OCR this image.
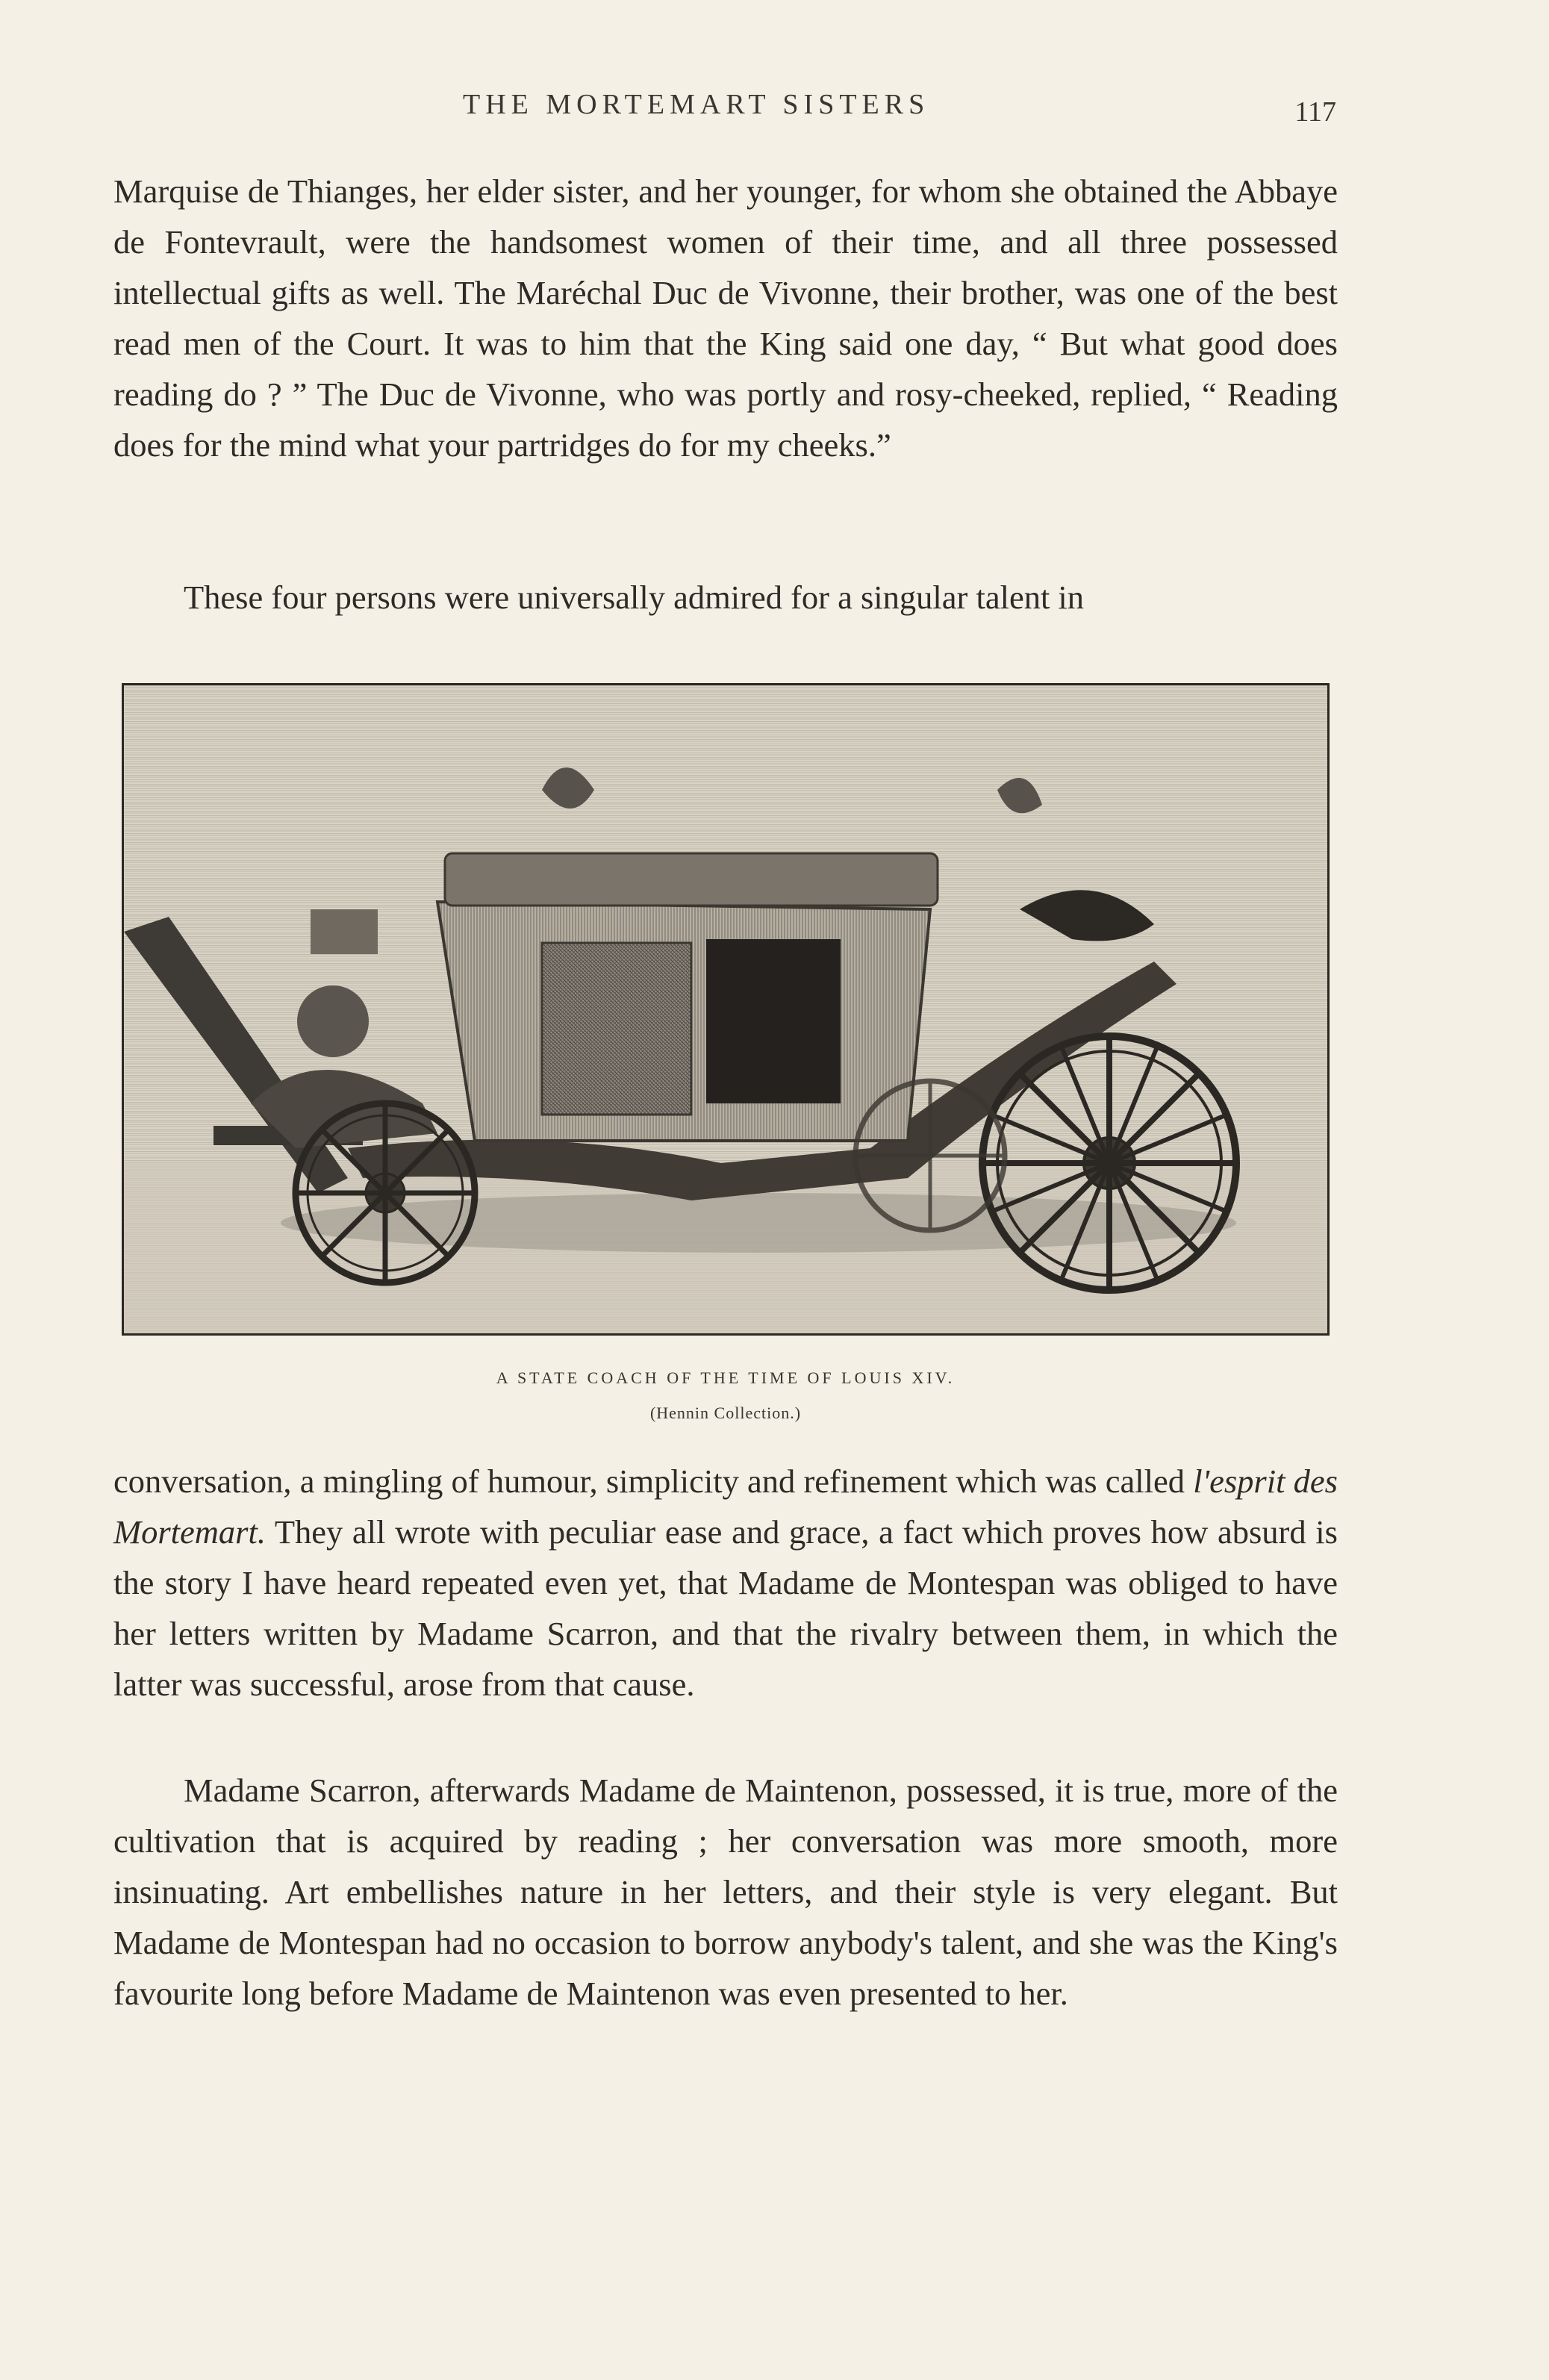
THE MORTEMART SISTERS	117

Marquise de Thianges, her elder sister, and her younger, for whom she obtained the Abbaye de Fontevrault, were the handsomest women of their time, and all three possessed intellectual gifts as well. The Maréchal Duc de Vivonne, their brother, was one of the best read men of the Court. It was to him that the King said one day, “ But what good does reading do ? ” The Duc de Vivonne, who was portly and rosy-cheeked, replied, “ Reading does for the mind what your partridges do for my cheeks.”

These four persons were universally admired for a singular talent in

A STATE COACH OF THE TIME OF LOUIS XIV.
(Hennin Collection.)

conversation, a mingling of humour, simplicity and refinement which was called l'esprit des Mortemart. They all wrote with peculiar ease and grace, a fact which proves how absurd is the story I have heard repeated even yet, that Madame de Montespan was obliged to have her letters written by Madame Scarron, and that the rivalry between them, in which the latter was successful, arose from that cause.

Madame Scarron, afterwards Madame de Maintenon, possessed, it is true, more of the cultivation that is acquired by reading ; her conversation was more smooth, more insinuating. Art embellishes nature in her letters, and their style is very elegant. But Madame de Montespan had no occasion to borrow anybody's talent, and she was the King's favourite long before Madame de Maintenon was even presented to her.
